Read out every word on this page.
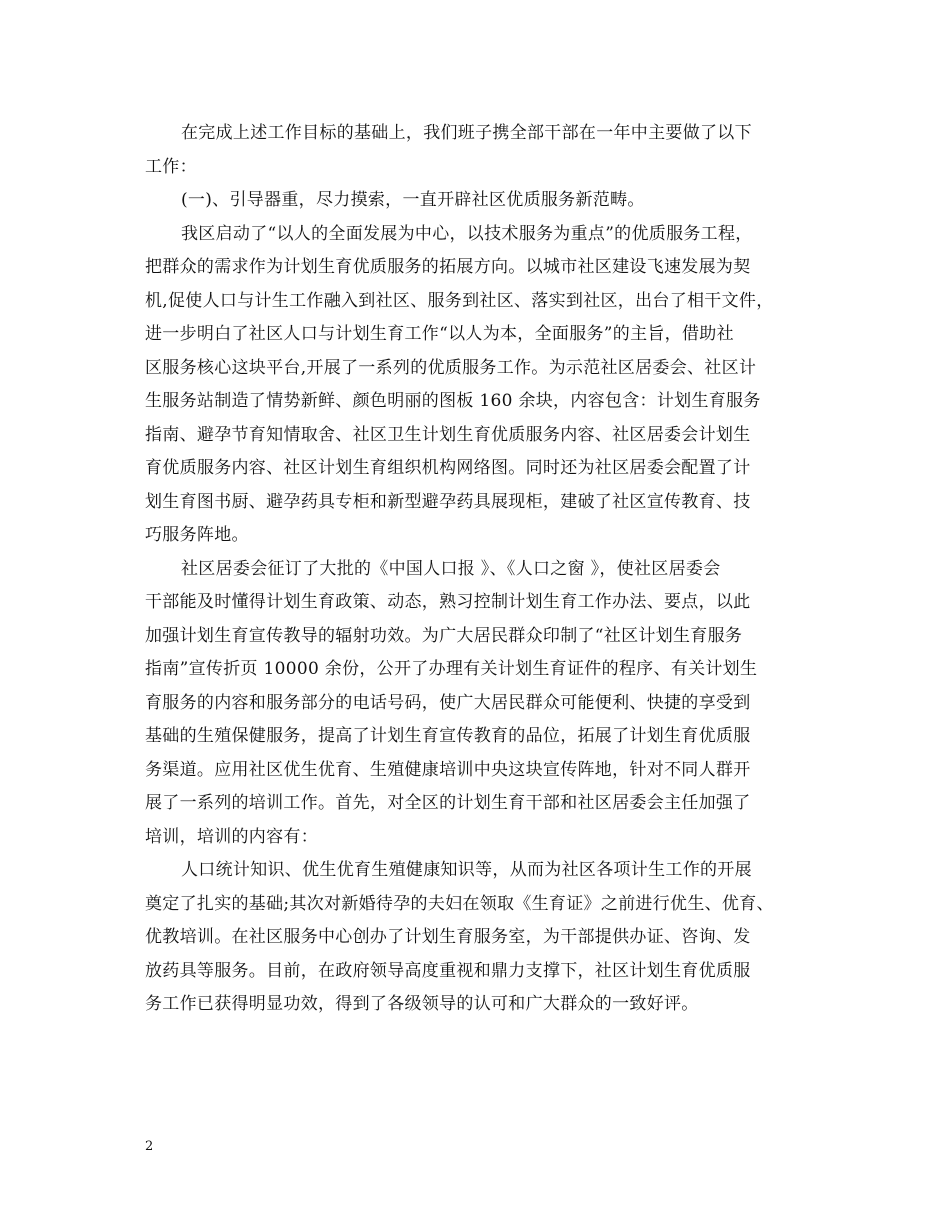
在完成上述工作目标的基础上，我们班子携全部干部在一年中主要做了以下
工作：
(一)、引导器重，尽力摸索，一直开辟社区优质服务新范畴。
我区启动了“以人的全面发展为中心，以技术服务为重点”的优质服务工程，
把群众的需求作为计划生育优质服务的拓展方向。以城市社区建设飞速发展为契
机,促使人口与计生工作融入到社区、服务到社区、落实到社区，出台了相干文件，
进一步明白了社区人口与计划生育工作“以人为本，全面服务”的主旨，借助社
区服务核心这块平台,开展了一系列的优质服务工作。为示范社区居委会、社区计
生服务站制造了情势新鲜、颜色明丽的图板 160 余块，内容包含：计划生育服务
指南、避孕节育知情取舍、社区卫生计划生育优质服务内容、社区居委会计划生
育优质服务内容、社区计划生育组织机构网络图。同时还为社区居委会配置了计
划生育图书厨、避孕药具专柜和新型避孕药具展现柜，建破了社区宣传教育、技
巧服务阵地。
社区居委会征订了大批的《中国人口报 》、《人口之窗 》，使社区居委会
干部能及时懂得计划生育政策、动态，熟习控制计划生育工作办法、要点，以此
加强计划生育宣传教导的辐射功效。为广大居民群众印制了“社区计划生育服务
指南”宣传折页 10000 余份，公开了办理有关计划生育证件的程序、有关计划生
育服务的内容和服务部分的电话号码，使广大居民群众可能便利、快捷的享受到
基础的生殖保健服务，提高了计划生育宣传教育的品位，拓展了计划生育优质服
务渠道。应用社区优生优育、生殖健康培训中央这块宣传阵地，针对不同人群开
展了一系列的培训工作。首先，对全区的计划生育干部和社区居委会主任加强了
培训，培训的内容有：
人口统计知识、优生优育生殖健康知识等，从而为社区各项计生工作的开展
奠定了扎实的基础;其次对新婚待孕的夫妇在领取《生育证》之前进行优生、优育、
优教培训。在社区服务中心创办了计划生育服务室，为干部提供办证、咨询、发
放药具等服务。目前，在政府领导高度重视和鼎力支撑下，社区计划生育优质服
务工作已获得明显功效，得到了各级领导的认可和广大群众的一致好评。
2
